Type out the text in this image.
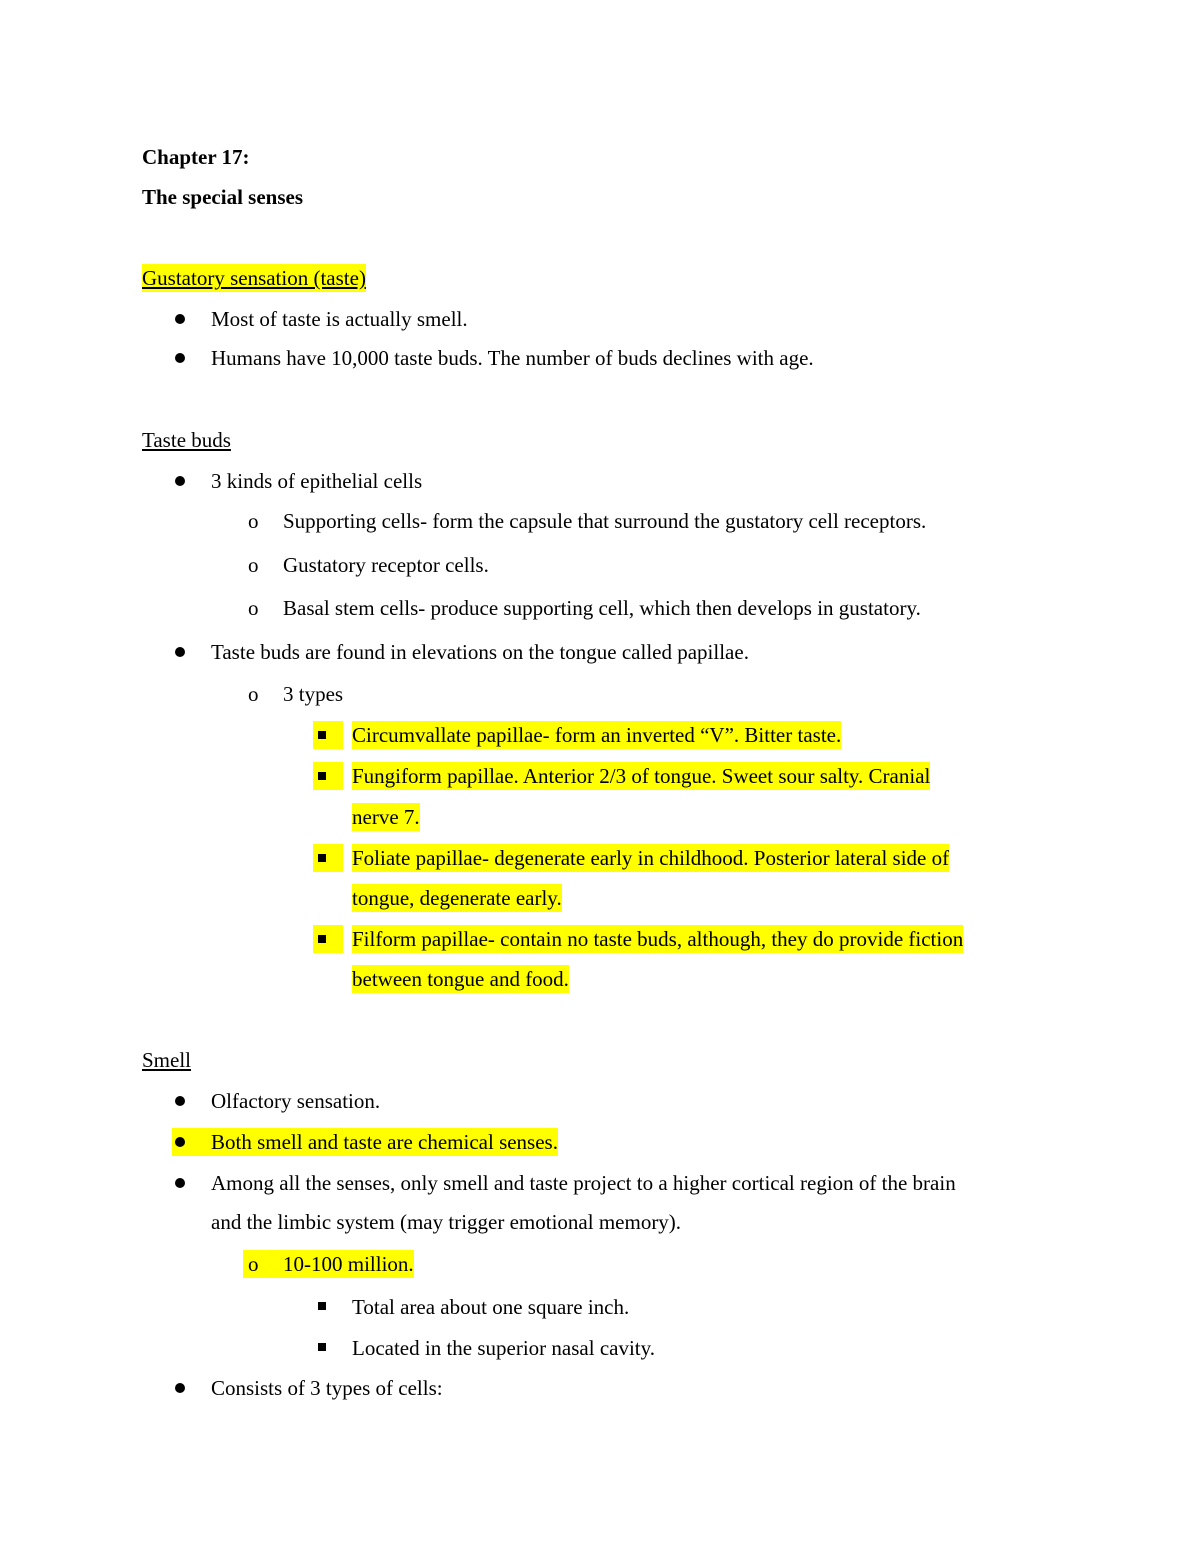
Chapter 17:
The special senses
Gustatory sensation (taste)
Most of taste is actually smell.
Humans have 10,000 taste buds. The number of buds declines with age.
Taste buds
3 kinds of epithelial cells
o Supporting cells- form the capsule that surround the gustatory cell receptors.
o Gustatory receptor cells.
o Basal stem cells- produce supporting cell, which then develops in gustatory.
Taste buds are found in elevations on the tongue called papillae.
o 3 types
Circumvallate papillae- form an inverted “V”. Bitter taste.
Fungiform papillae. Anterior 2/3 of tongue. Sweet sour salty. Cranial
nerve 7.
Foliate papillae- degenerate early in childhood. Posterior lateral side of
tongue, degenerate early.
Filform papillae- contain no taste buds, although, they do provide fiction
between tongue and food.
Smell
Olfactory sensation.
Both smell and taste are chemical senses.
Among all the senses, only smell and taste project to a higher cortical region of the brain
and the limbic system (may trigger emotional memory).
o 10-100 million.
Total area about one square inch.
Located in the superior nasal cavity.
Consists of 3 types of cells:
